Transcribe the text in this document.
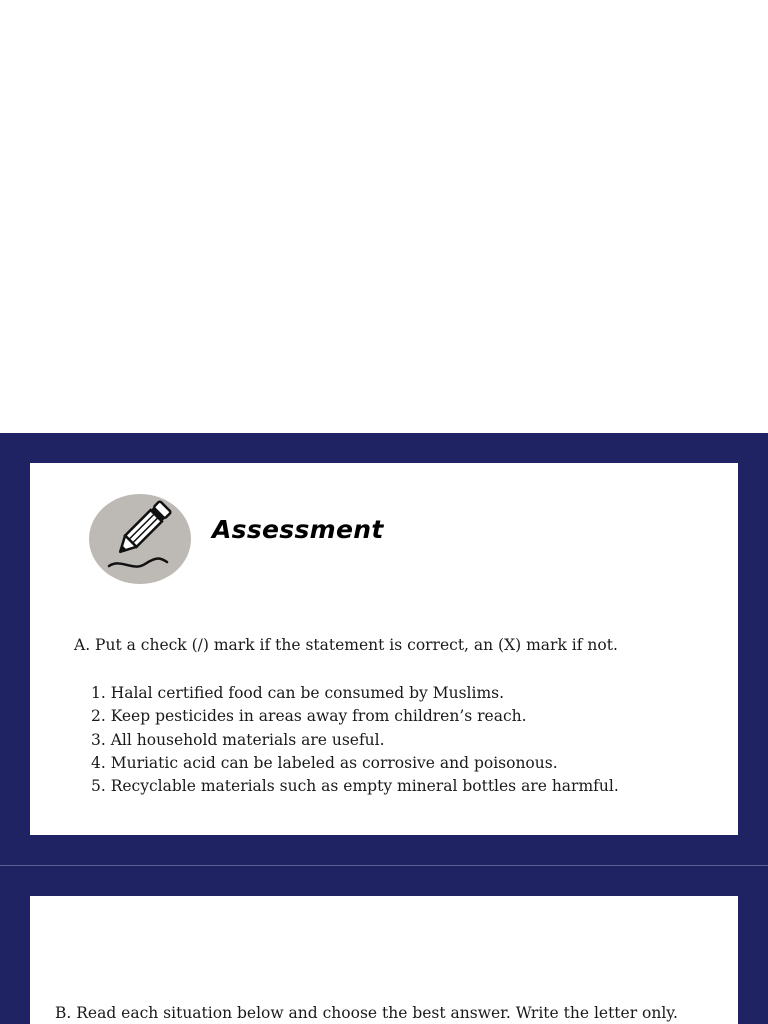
Assessment
A. Put a check (/) mark if the statement is correct, an (X) mark if not.
1. Halal certified food can be consumed by Muslims.
2. Keep pesticides in areas away from children’s reach.
3. All household materials are useful.
4. Muriatic acid can be labeled as corrosive and poisonous.
5. Recyclable materials such as empty mineral bottles are harmful.
B. Read each situation below and choose the best answer. Write the letter only.
